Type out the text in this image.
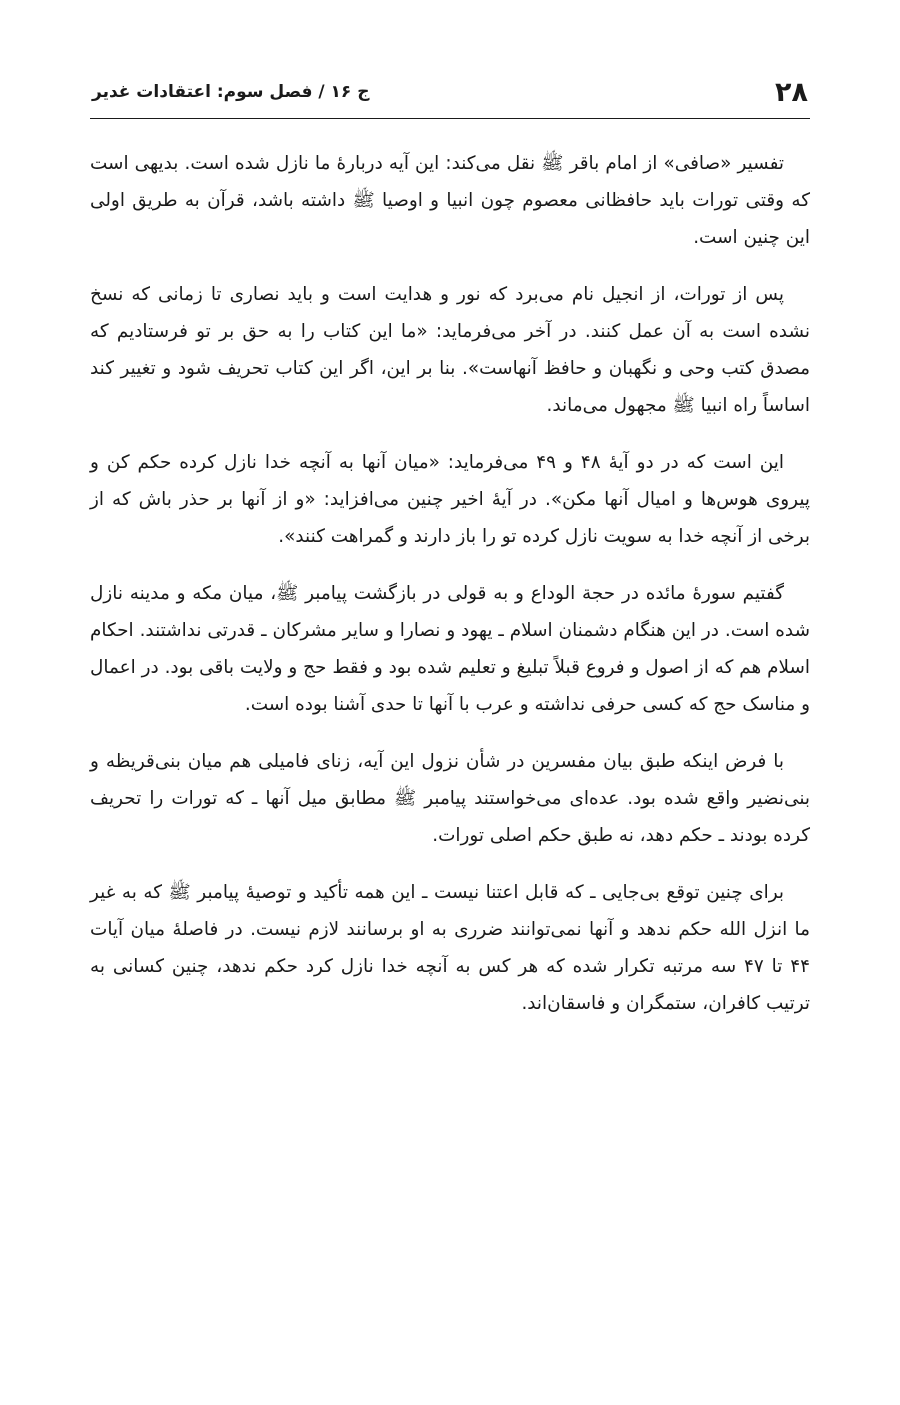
۲۸
ج ۱۶ / فصل سوم: اعتقادات غدیر

تفسیر «صافی» از امام باقر ﷺ نقل می‌کند: این آیه دربارهٔ ما نازل شده است. بدیهی است که وقتی تورات باید حافظانی معصوم چون انبیا و اوصیا ﷺ داشته باشد، قرآن به طریق اولی این چنین است.

پس از تورات، از انجیل نام می‌برد که نور و هدایت است و باید نصاری تا زمانی که نسخ نشده است به آن عمل کنند. در آخر می‌فرماید: «ما این کتاب را به حق بر تو فرستادیم که مصدق کتب وحی و نگهبان و حافظ آنهاست». بنا بر این، اگر این کتاب تحریف شود و تغییر کند اساساً راه انبیا ﷺ مجهول می‌ماند.

این است که در دو آیهٔ ۴۸ و ۴۹ می‌فرماید: «میان آنها به آنچه خدا نازل کرده حکم کن و پیروی هوس‌ها و امیال آنها مکن». در آیهٔ اخیر چنین می‌افزاید: «و از آنها بر حذر باش که از برخی از آنچه خدا به سویت نازل کرده تو را باز دارند و گمراهت کنند».

گفتیم سورهٔ مائده در حجة الوداع و به قولی در بازگشت پیامبر ﷺ، میان مکه و مدینه نازل شده است. در این هنگام دشمنان اسلام ـ یهود و نصارا و سایر مشرکان ـ قدرتی نداشتند. احکام اسلام هم که از اصول و فروع قبلاً تبلیغ و تعلیم شده بود و فقط حج و ولایت باقی بود. در اعمال و مناسک حج که کسی حرفی نداشته و عرب با آنها تا حدی آشنا بوده است.

با فرض اینکه طبق بیان مفسرین در شأن نزول این آیه، زنای فامیلی هم میان بنی‌قریظه و بنی‌نضیر واقع شده بود. عده‌ای می‌خواستند پیامبر ﷺ مطابق میل آنها ـ که تورات را تحریف کرده بودند ـ حکم دهد، نه طبق حکم اصلی تورات.

برای چنین توقع بی‌جایی ـ که قابل اعتنا نیست ـ این همه تأکید و توصیهٔ پیامبر ﷺ که به غیر ما انزل الله حکم ندهد و آنها نمی‌توانند ضرری به او برسانند لازم نیست. در فاصلهٔ میان آیات ۴۴ تا ۴۷ سه مرتبه تکرار شده که هر کس به آنچه خدا نازل کرد حکم ندهد، چنین کسانی به ترتیب کافران، ستمگران و فاسقان‌اند.
